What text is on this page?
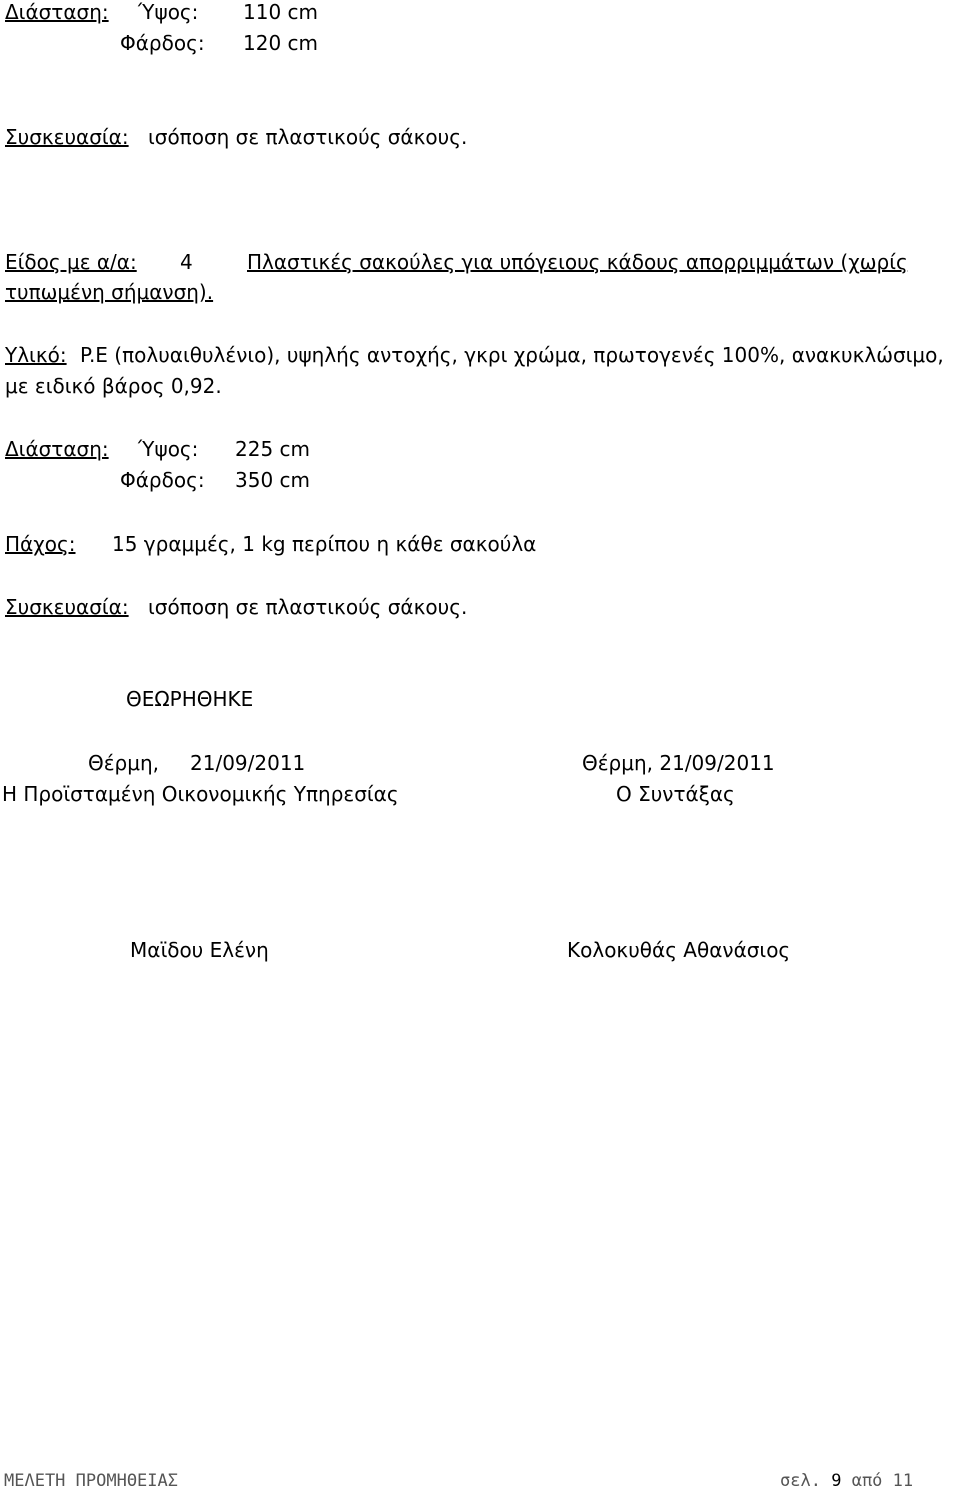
Διάσταση: Ύψος: 110 cm
Φάρδος: 120 cm
Συσκευασία: ισόποση σε πλαστικούς σάκους.
Είδος με α/α: 4	Πλαστικές σακούλες για υπόγειους κάδους απορριμμάτων (χωρίς
τυπωμένη σήμανση).
Υλικό: P.E (πολυαιθυλένιο), υψηλής αντοχής, γκρι χρώμα, πρωτογενές 100%, ανακυκλώσιμο,
με ειδικό βάρος 0,92.
Διάσταση: Ύψος: 225 cm
Φάρδος: 350 cm
Πάχος: 15 γραμμές, 1 kg περίπου η κάθε σακούλα
Συσκευασία: ισόποση σε πλαστικούς σάκους.
ΘΕΩΡΗΘΗΚΕ
Θέρμη, 21/09/2011	Θέρμη, 21/09/2011
Η Προϊσταμένη Οικονομικής Υπηρεσίας	Ο Συντάξας
Μαϊδου Ελένη	Κολοκυθάς Αθανάσιος
ΜΕΛΕΤΗ ΠΡΟΜΗΘΕΙΑΣ	σελ. 9 από 11
